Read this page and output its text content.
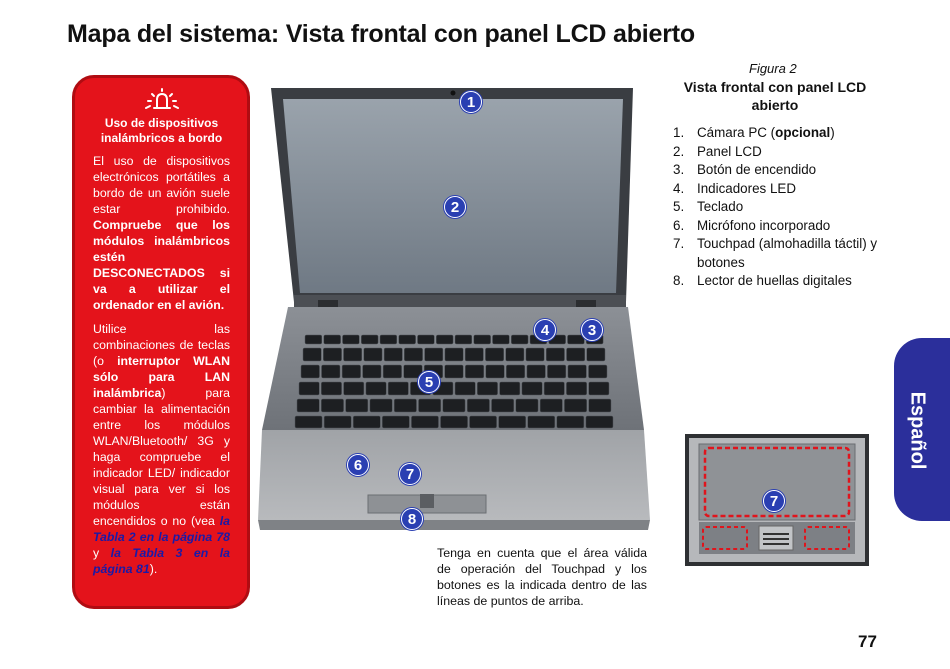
Mapa del sistema: Vista frontal con panel LCD abierto
Uso de dispositivos inalámbricos a bordo

El uso de dispositivos electrónicos portátiles a bordo de un avión suele estar prohibido. Compruebe que los módulos inalámbricos estén DESCONECTADOS si va a utilizar el ordenador en el avión.

Utilice las combinaciones de teclas (o interruptor WLAN sólo para LAN inalámbrica) para cambiar la alimentación entre los módulos WLAN/Bluetooth/ 3G y haga compruebe el indicador LED/ indicador visual para ver si los módulos están encendidos o no (vea la Tabla 2 en la página 78 y la Tabla 3 en la página 81).

1
2
3
4
5
6
7
8
Figura 2
Vista frontal con panel LCD abierto
1. Cámara PC (opcional)
2. Panel LCD
3. Botón de encendido
4. Indicadores LED
5. Teclado
6. Micrófono incorporado
7. Touchpad (almohadilla táctil) y botones
8. Lector de huellas digitales
7
Tenga en cuenta que el área válida de operación del Touchpad y los botones es la indicada dentro de las líneas de puntos de arriba.
Español
77
